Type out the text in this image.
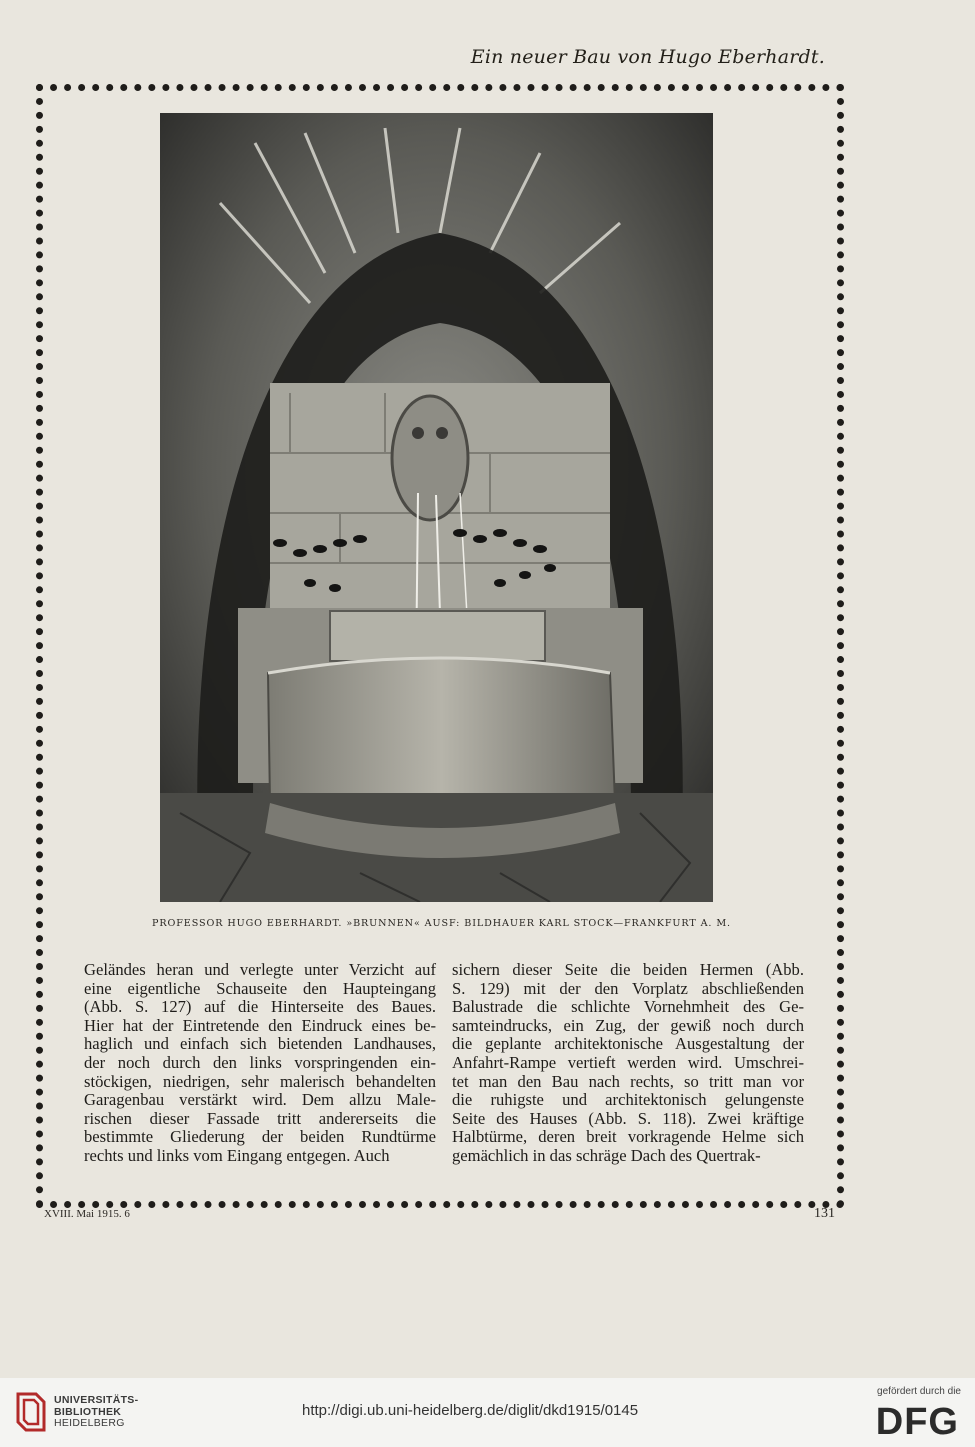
Ein neuer Bau von Hugo Eberhardt.
PROFESSOR HUGO EBERHARDT. »BRUNNEN« AUSF: BILDHAUER KARL STOCK—FRANKFURT A. M.
Geländes heran und verlegte unter Verzicht auf
eine eigentliche Schauseite den Haupteingang
(Abb. S. 127) auf die Hinterseite des Baues.
Hier hat der Eintretende den Eindruck eines be-
haglich und einfach sich bietenden Landhauses,
der noch durch den links vorspringenden ein-
stöckigen, niedrigen, sehr malerisch behandelten
Garagenbau verstärkt wird. Dem allzu Male-
rischen dieser Fassade tritt andererseits die
bestimmte Gliederung der beiden Rundtürme
rechts und links vom Eingang entgegen. Auch
sichern dieser Seite die beiden Hermen (Abb.
S. 129) mit der den Vorplatz abschließenden
Balustrade die schlichte Vornehmheit des Ge-
samteindrucks, ein Zug, der gewiß noch durch
die geplante architektonische Ausgestaltung der
Anfahrt-Rampe vertieft werden wird. Umschrei-
tet man den Bau nach rechts, so tritt man vor
die ruhigste und architektonisch gelungenste
Seite des Hauses (Abb. S. 118). Zwei kräftige
Halbtürme, deren breit vorkragende Helme sich
gemächlich in das schräge Dach des Quertrak-
XVIII. Mai 1915. 6	131
UNIVERSITÄTS-
BIBLIOTHEK
HEIDELBERG
http://digi.ub.uni-heidelberg.de/diglit/dkd1915/0145
gefördert durch die
DFG
